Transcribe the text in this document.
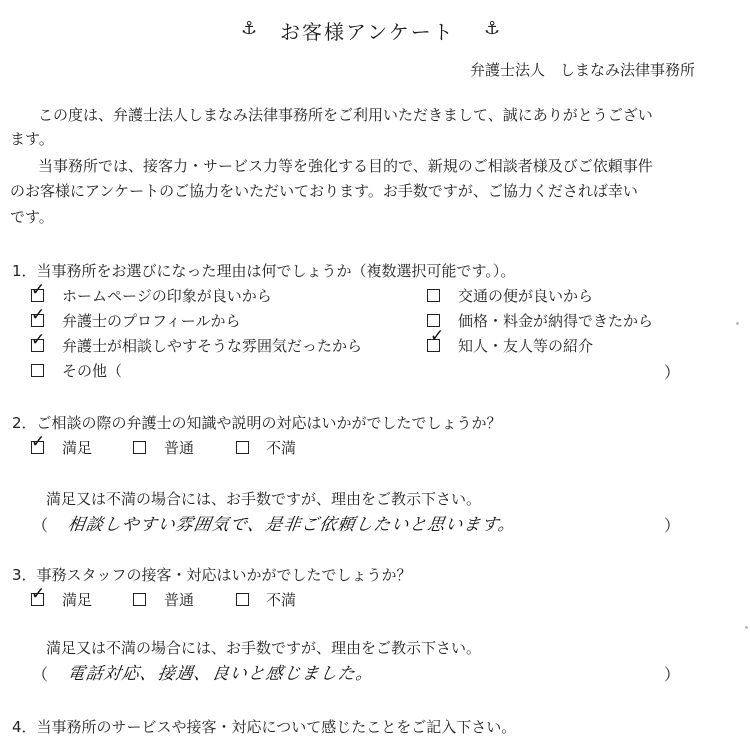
⚓ お客様アンケート ⚓
弁護士法人　しまなみ法律事務所
この度は、弁護士法人しまなみ法律事務所をご利用いただきまして、誠にありがとうござい
ます。
当事務所では、接客力・サービス力等を強化する目的で、新規のご相談者様及びご依頼事件
のお客様にアンケートのご協力をいただいております。お手数ですが、ご協力くだされば幸い
です。
1．当事務所をお選びになった理由は何でしょうか（複数選択可能です。）。
✓ ホームページの印象が良いから	交通の便が良いから
✓ 弁護士のプロフィールから	価格・料金が納得できたから
✓ 弁護士が相談しやすそうな雰囲気だったから	✓ 知人・友人等の紹介
その他（	）
2．ご相談の際の弁護士の知識や説明の対応はいかがでしたでしょうか？
✓ 満足	普通	不満
満足又は不満の場合には、お手数ですが、理由をご教示下さい。
（ 相談しやすい雰囲気で、是非ご依頼したいと思います。	）
3．事務スタッフの接客・対応はいかがでしたでしょうか？
✓ 満足	普通	不満
満足又は不満の場合には、お手数ですが、理由をご教示下さい。
（ 電話対応、接遇、良いと感じました。	）
4．当事務所のサービスや接客・対応について感じたことをご記入下さい。
